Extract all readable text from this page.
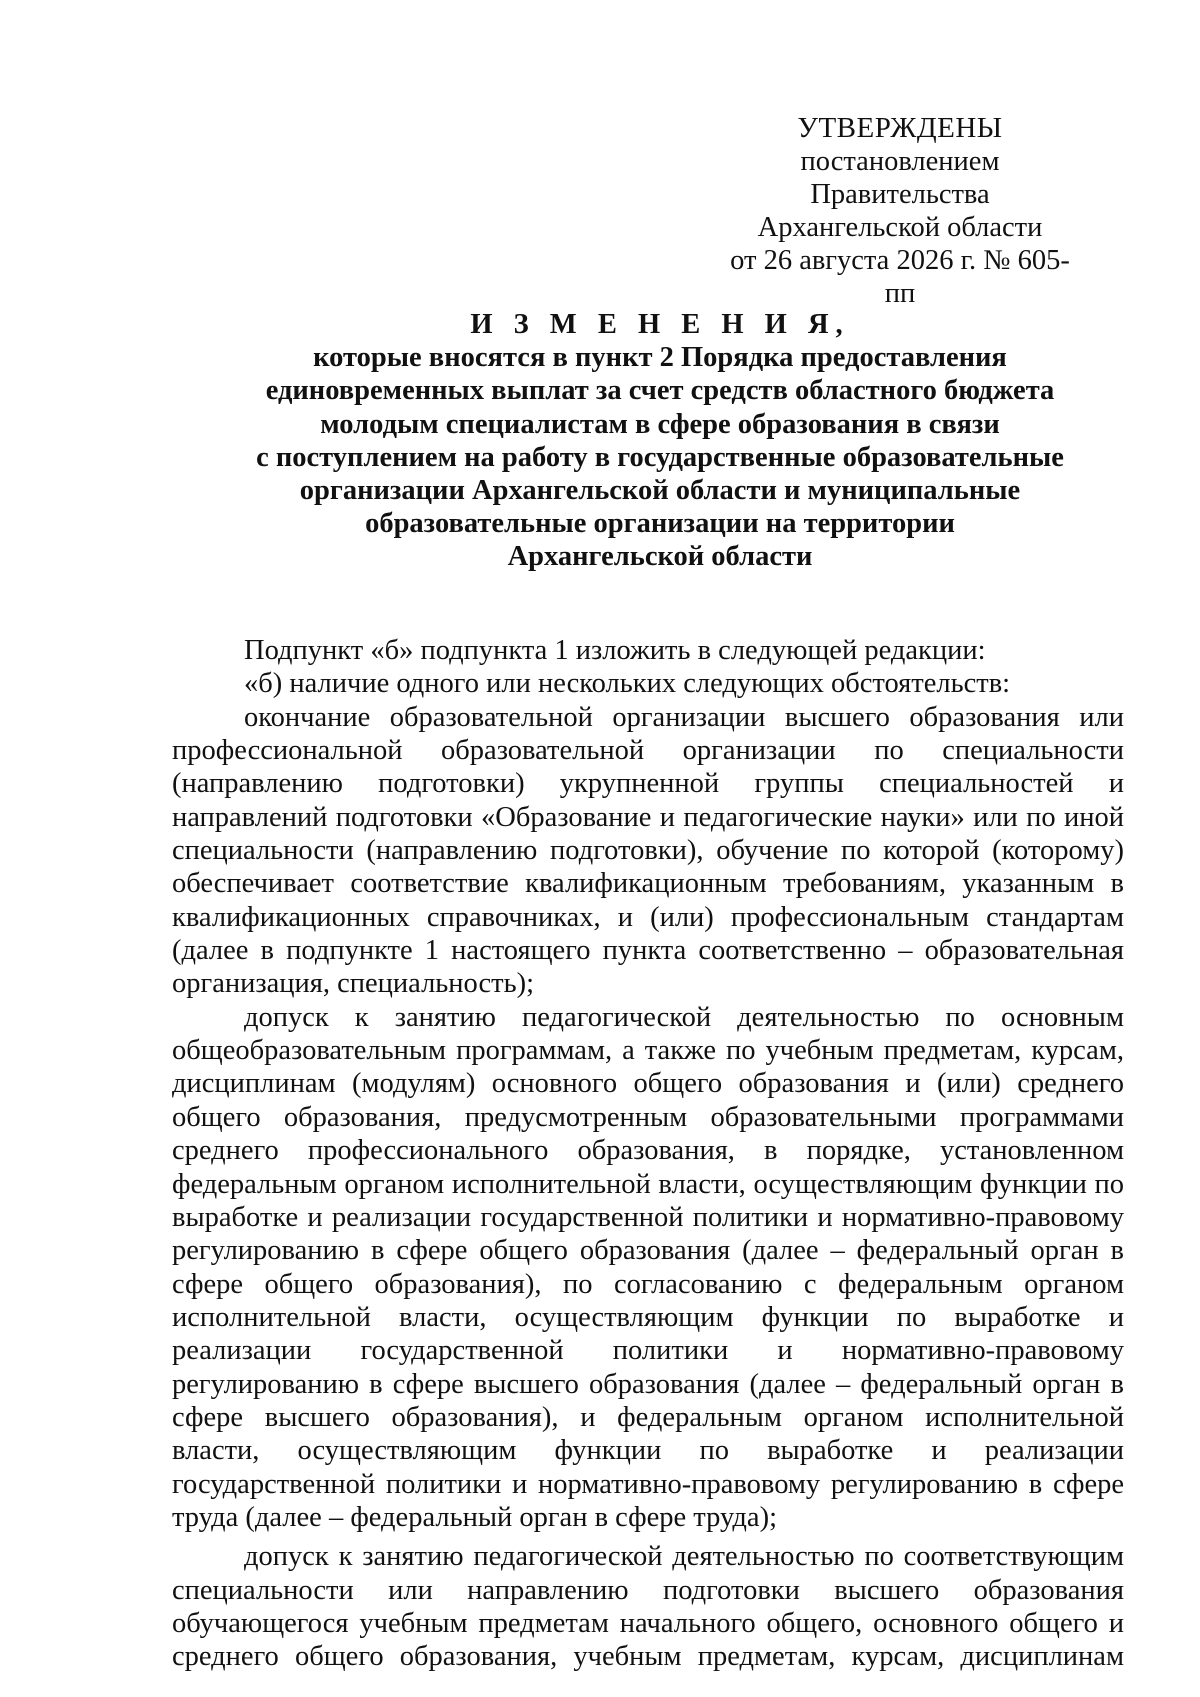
УТВЕРЖДЕНЫ
постановлением Правительства
Архангельской области
от 26 августа 2026 г. № 605-пп
И З М Е Н Е Н И Я,
которые вносятся в пункт 2 Порядка предоставления
единовременных выплат за счет средств областного бюджета
молодым специалистам в сфере образования в связи
с поступлением на работу в государственные образовательные
организации Архангельской области и муниципальные
образовательные организации на территории
Архангельской области

Подпункт «б» подпункта 1 изложить в следующей редакции:

«б) наличие одного или нескольких следующих обстоятельств:

окончание образовательной организации высшего образования или профессиональной образовательной организации по специальности (направлению подготовки) укрупненной группы специальностей и направлений подготовки «Образование и педагогические науки» или по иной специальности (направлению подготовки), обучение по которой (которому) обеспечивает соответствие квалификационным требованиям, указанным в квалификационных справочниках, и (или) профессиональным стандартам (далее в подпункте 1 настоящего пункта соответственно – образовательная организация, специальность);

допуск к занятию педагогической деятельностью по основным общеобразовательным программам, а также по учебным предметам, курсам, дисциплинам (модулям) основного общего образования и (или) среднего общего образования, предусмотренным образовательными программами среднего профессионального образования, в порядке, установленном федеральным органом исполнительной власти, осуществляющим функции по выработке и реализации государственной политики и нормативно-правовому регулированию в сфере общего образования (далее – федеральный орган в сфере общего образования), по согласованию с федеральным органом исполнительной власти, осуществляющим функции по выработке и реализации государственной политики и нормативно-правовому регулированию в сфере высшего образования (далее – федеральный орган в сфере высшего образования), и федеральным органом исполнительной власти, осуществляющим функции по выработке и реализации государственной политики и нормативно-правовому регулированию в сфере труда (далее – федеральный орган в сфере труда);

допуск к занятию педагогической деятельностью по соответствующим специальности или направлению подготовки высшего образования обучающегося учебным предметам начального общего, основного общего и среднего общего образования, учебным предметам, курсам, дисциплинам
